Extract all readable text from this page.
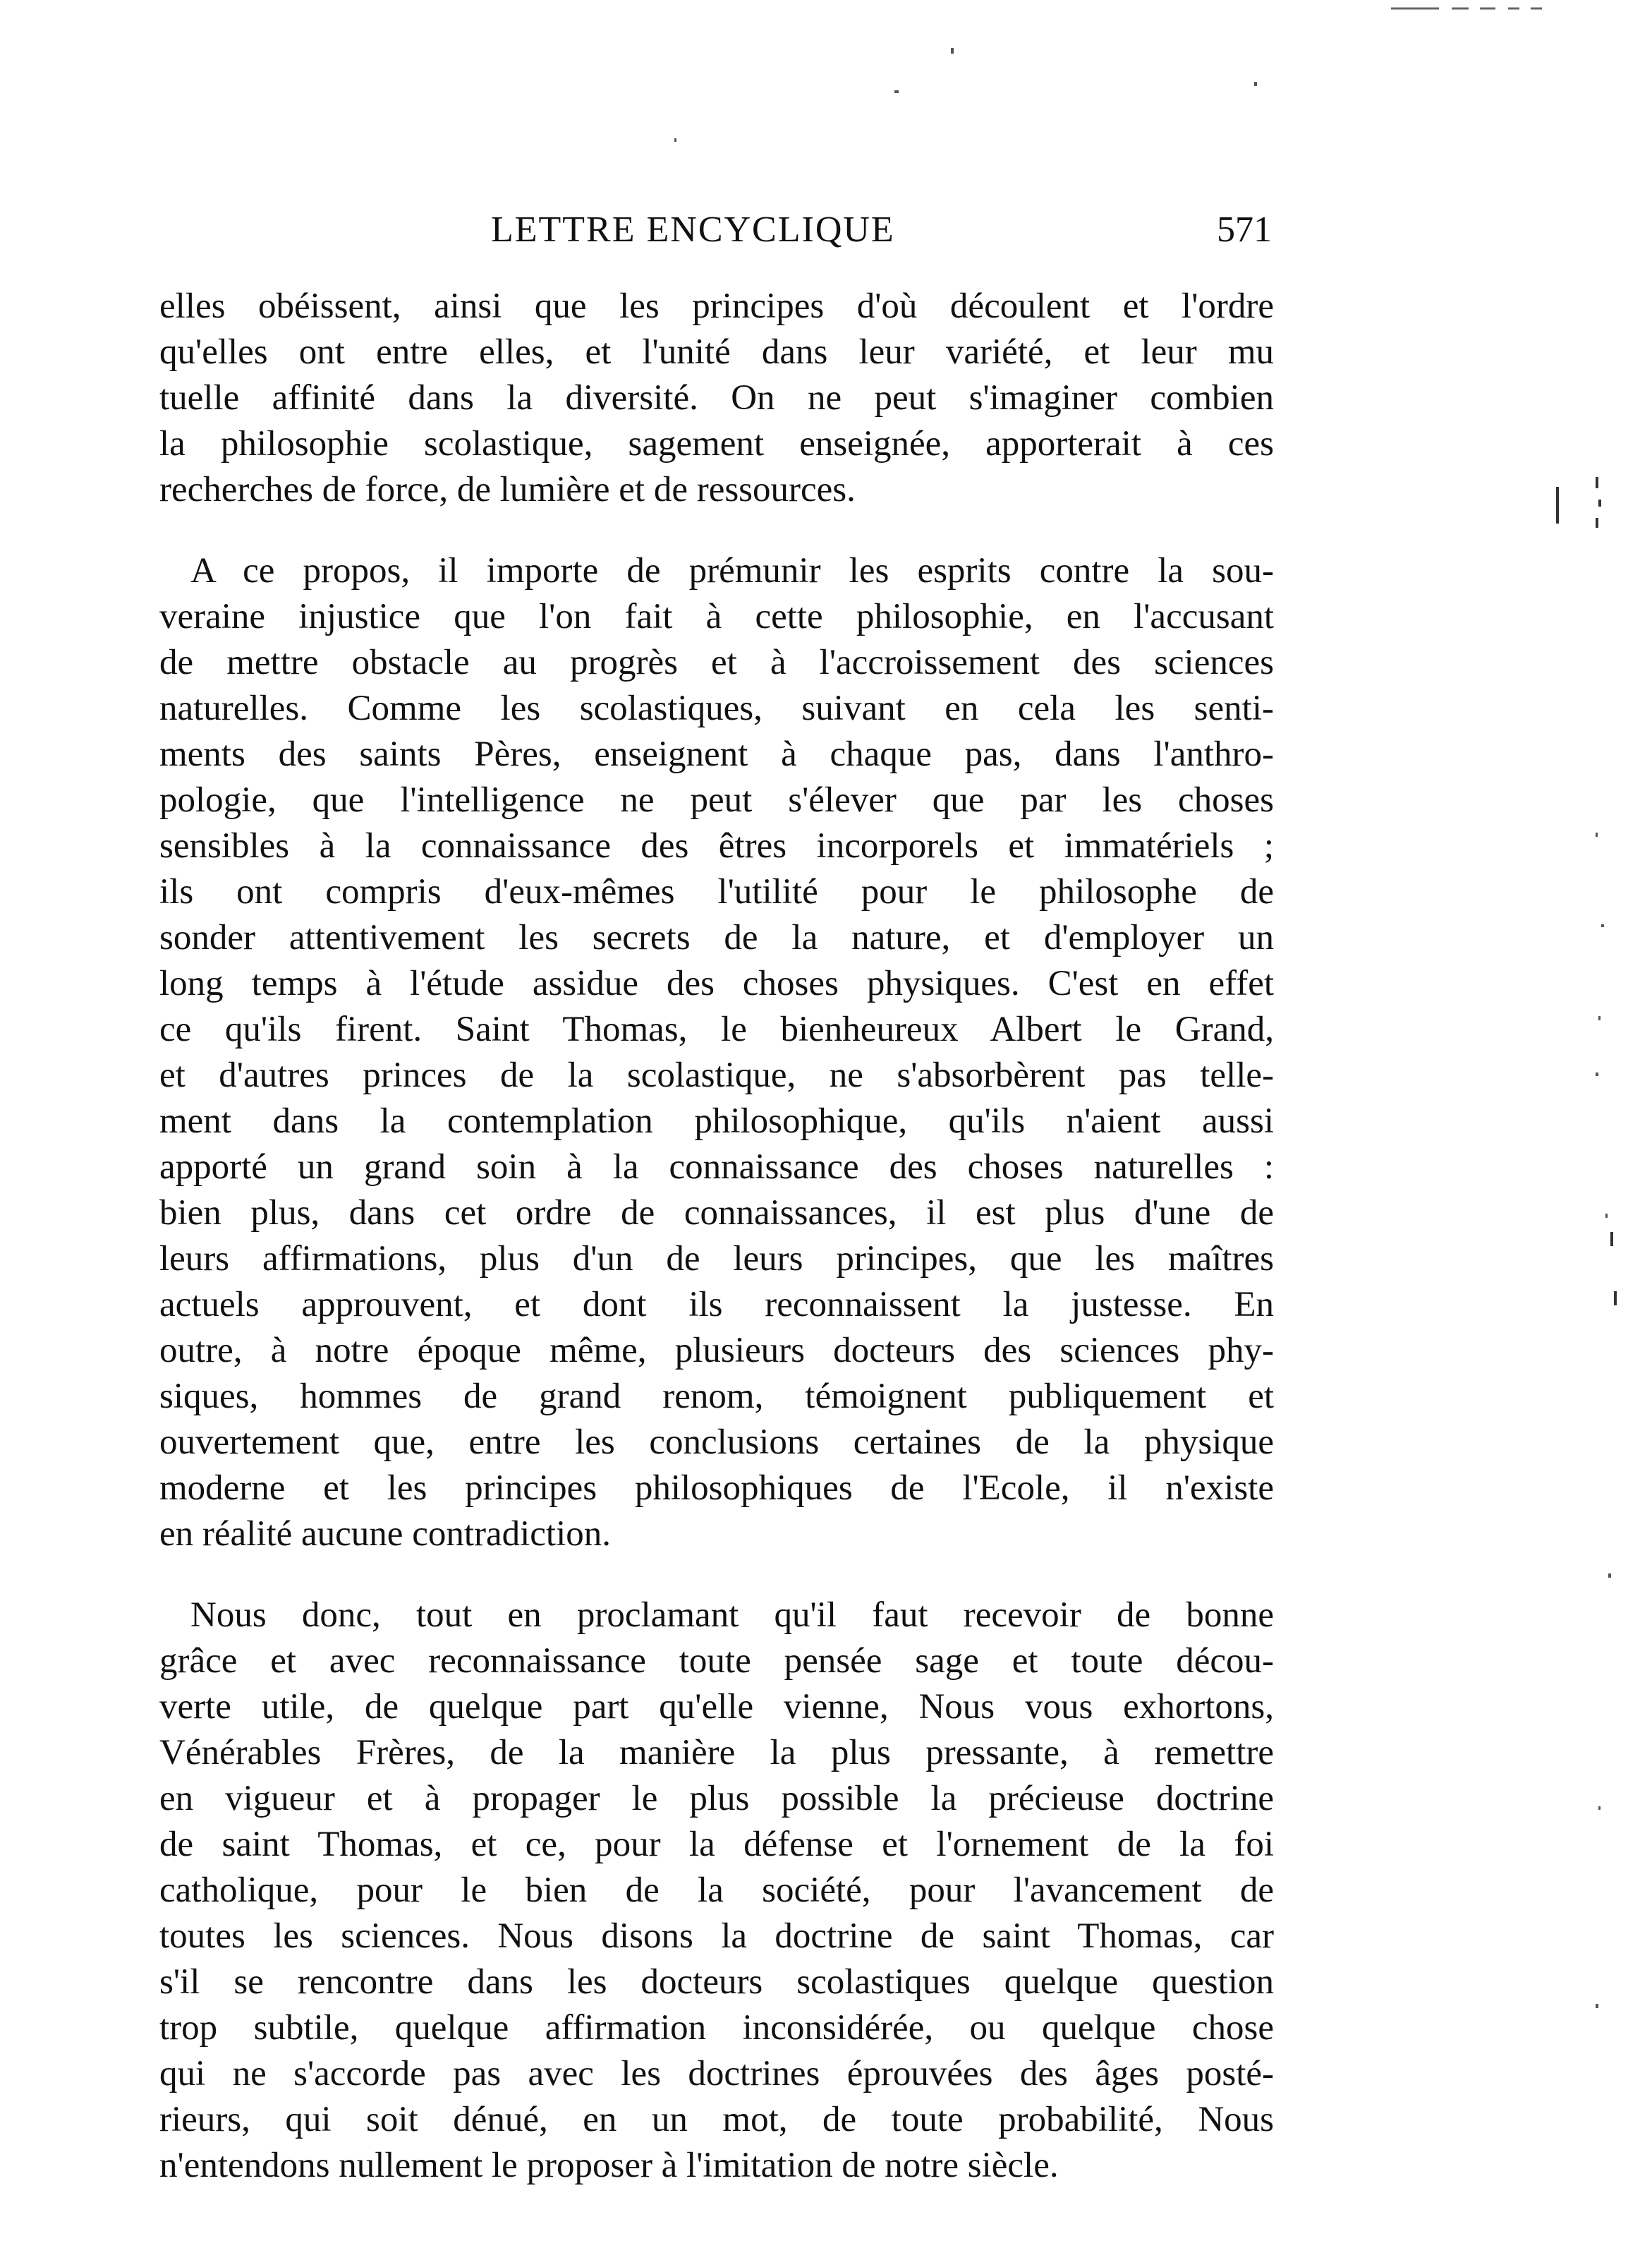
LETTRE ENCYCLIQUE	571
elles obéissent, ainsi que les principes d'où découlent et l'ordre
qu'elles ont entre elles, et l'unité dans leur variété, et leur mu
tuelle affinité dans la diversité. On ne peut s'imaginer combien
la philosophie scolastique, sagement enseignée, apporterait à ces
recherches de force, de lumière et de ressources.
A ce propos, il importe de prémunir les esprits contre la sou-
veraine injustice que l'on fait à cette philosophie, en l'accusant
de mettre obstacle au progrès et à l'accroissement des sciences
naturelles. Comme les scolastiques, suivant en cela les senti-
ments des saints Pères, enseignent à chaque pas, dans l'anthro-
pologie, que l'intelligence ne peut s'élever que par les choses
sensibles à la connaissance des êtres incorporels et immatériels ;
ils ont compris d'eux-mêmes l'utilité pour le philosophe de
sonder attentivement les secrets de la nature, et d'employer un
long temps à l'étude assidue des choses physiques. C'est en effet
ce qu'ils firent. Saint Thomas, le bienheureux Albert le Grand,
et d'autres princes de la scolastique, ne s'absorbèrent pas telle-
ment dans la contemplation philosophique, qu'ils n'aient aussi
apporté un grand soin à la connaissance des choses naturelles :
bien plus, dans cet ordre de connaissances, il est plus d'une de
leurs affirmations, plus d'un de leurs principes, que les maîtres
actuels approuvent, et dont ils reconnaissent la justesse. En
outre, à notre époque même, plusieurs docteurs des sciences phy-
siques, hommes de grand renom, témoignent publiquement et
ouvertement que, entre les conclusions certaines de la physique
moderne et les principes philosophiques de l'Ecole, il n'existe
en réalité aucune contradiction.
Nous donc, tout en proclamant qu'il faut recevoir de bonne
grâce et avec reconnaissance toute pensée sage et toute décou-
verte utile, de quelque part qu'elle vienne, Nous vous exhortons,
Vénérables Frères, de la manière la plus pressante, à remettre
en vigueur et à propager le plus possible la précieuse doctrine
de saint Thomas, et ce, pour la défense et l'ornement de la foi
catholique, pour le bien de la société, pour l'avancement de
toutes les sciences. Nous disons la doctrine de saint Thomas, car
s'il se rencontre dans les docteurs scolastiques quelque question
trop subtile, quelque affirmation inconsidérée, ou quelque chose
qui ne s'accorde pas avec les doctrines éprouvées des âges posté-
rieurs, qui soit dénué, en un mot, de toute probabilité, Nous
n'entendons nullement le proposer à l'imitation de notre siècle.
